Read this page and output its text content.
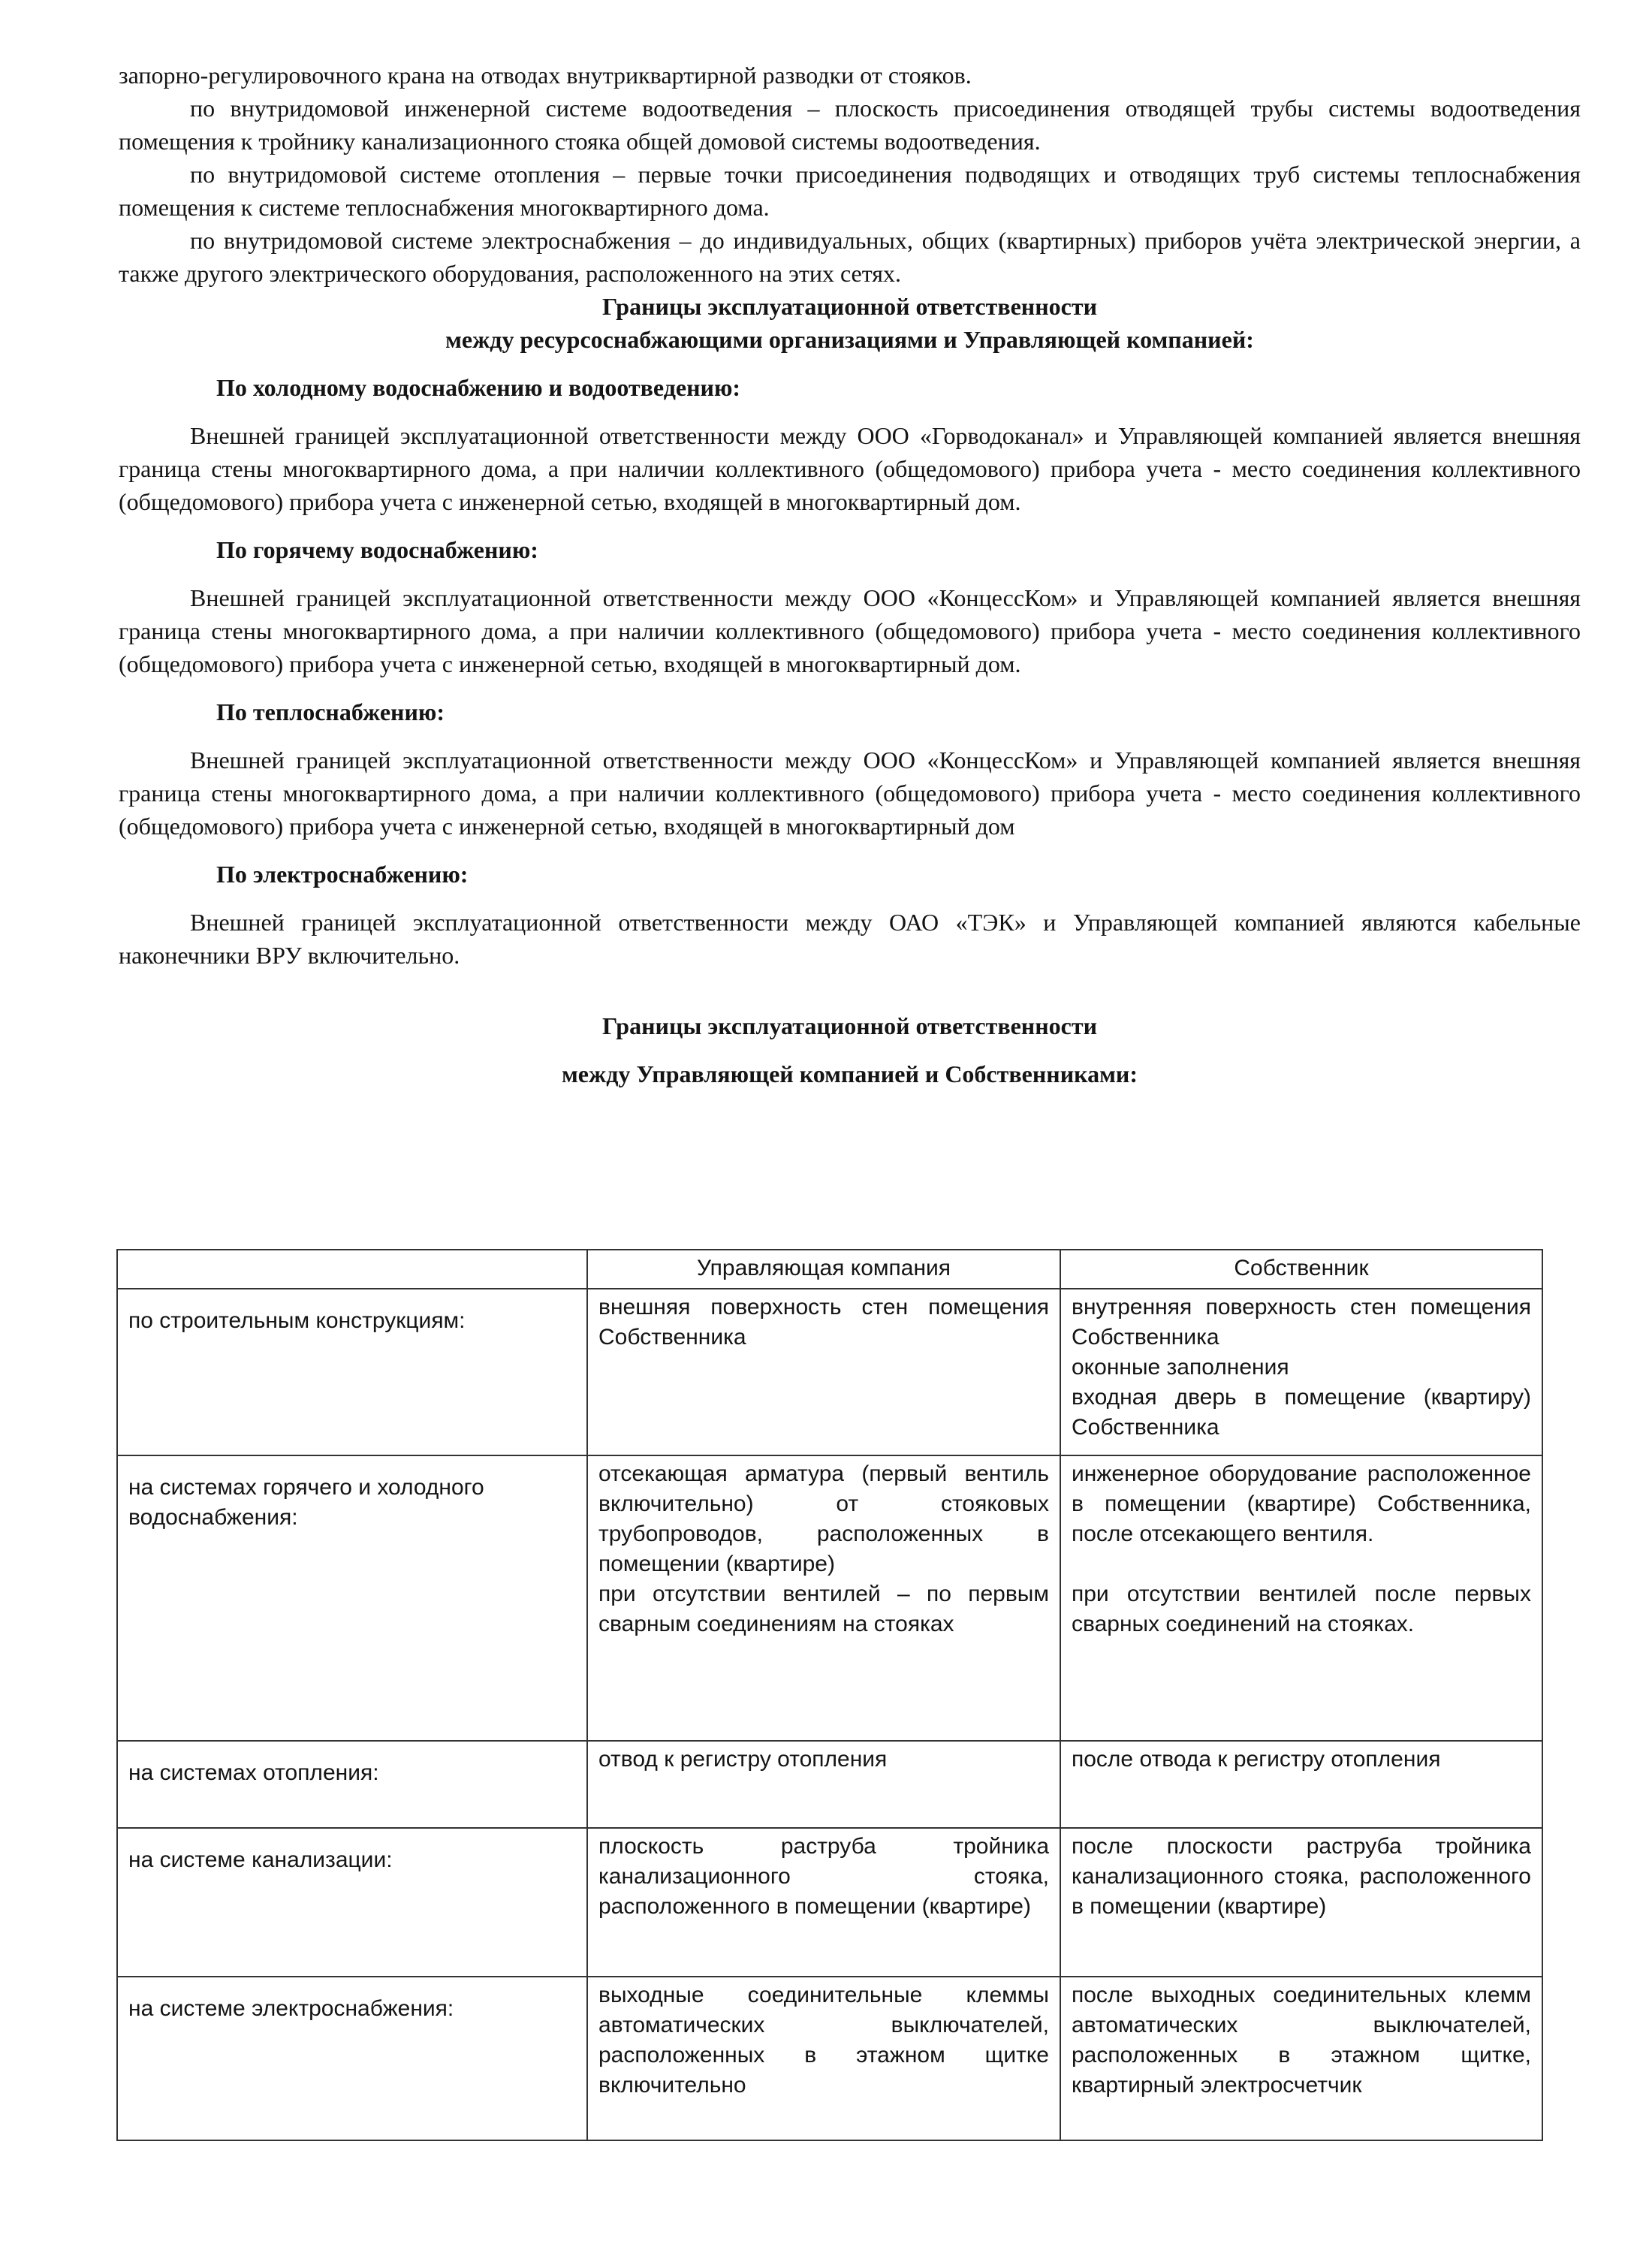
запорно-регулировочного крана на отводах внутриквартирной разводки от стояков.

по внутридомовой инженерной системе водоотведения – плоскость присоединения отводящей трубы системы водоотведения помещения к тройнику канализационного стояка общей домовой системы водоотведения.

по внутридомовой системе отопления – первые точки присоединения подводящих и отводящих труб системы теплоснабжения помещения к системе теплоснабжения многоквартирного дома.

по внутридомовой системе электроснабжения – до индивидуальных, общих (квартирных) приборов учёта электрической энергии, а также другого электрического оборудования, расположенного на этих сетях.

Границы эксплуатационной ответственности

между ресурсоснабжающими организациями и Управляющей компанией:

По холодному водоснабжению и водоотведению:

Внешней границей эксплуатационной ответственности между ООО «Горводоканал» и Управляющей компанией является внешняя граница стены многоквартирного дома, а при наличии коллективного (общедомового) прибора учета - место соединения коллективного (общедомового) прибора учета с инженерной сетью, входящей в многоквартирный дом.

По горячему водоснабжению:

Внешней границей эксплуатационной ответственности между ООО «КонцессКом» и Управляющей компанией является внешняя граница стены многоквартирного дома, а при наличии коллективного (общедомового) прибора учета - место соединения коллективного (общедомового) прибора учета с инженерной сетью, входящей в многоквартирный дом.

По теплоснабжению:

Внешней границей эксплуатационной ответственности между ООО «КонцессКом» и Управляющей компанией является внешняя граница стены многоквартирного дома, а при наличии коллективного (общедомового) прибора учета - место соединения коллективного (общедомового) прибора учета с инженерной сетью, входящей в многоквартирный дом

По электроснабжению:

Внешней границей эксплуатационной ответственности между ОАО «ТЭК» и Управляющей компанией являются кабельные наконечники ВРУ включительно.

Границы эксплуатационной ответственности

между Управляющей компанией и Собственниками:

	Управляющая компания	Собственник

по строительным конструкциям:	внешняя поверхность стен помещения Собственника	внутренняя поверхность стен помещения Собственника
оконные заполнения
входная дверь в помещение (квартиру) Собственника

на системах горячего и холодного водоснабжения:	отсекающая арматура (первый вентиль включительно) от стояковых трубопроводов, расположенных в помещении (квартире)
при отсутствии вентилей – по первым сварным соединениям на стояках	инженерное оборудование расположенное в помещении (квартире) Собственника, после отсекающего вентиля.
при отсутствии вентилей после первых сварных соединений на стояках.

на системах отопления:	отвод к регистру отопления	после отвода к регистру отопления

на системе канализации:	плоскость раструба тройника канализационного стояка, расположенного в помещении (квартире)	после плоскости раструба тройника канализационного стояка, расположенного в помещении (квартире)

на системе электроснабжения:	выходные соединительные клеммы автоматических выключателей, расположенных в этажном щитке включительно	после выходных соединительных клемм автоматических выключателей, расположенных в этажном щитке, квартирный электросчетчик
